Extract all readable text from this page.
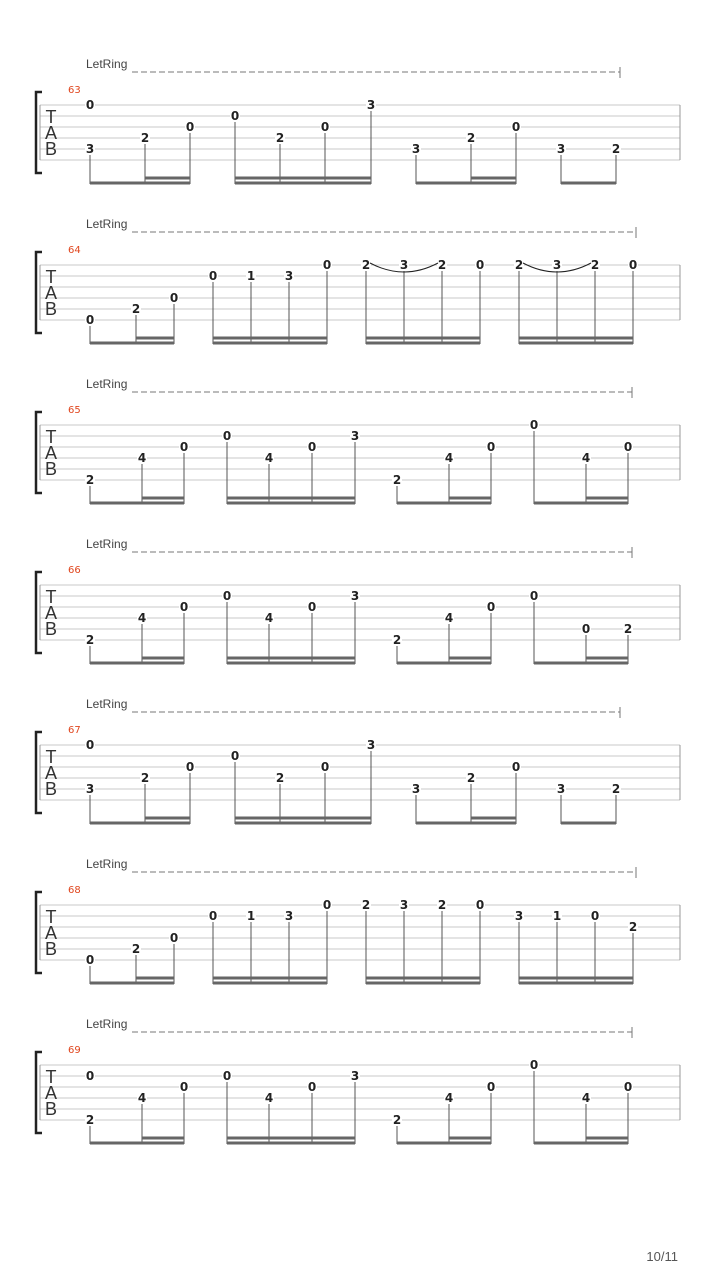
LetRing
63
T
A
B
0
3
2
0
0
2
0
3
3
2
0
3	2
LetRing
64
T
A
B
0
2
0
0 1 3
0	2 3 2 0	2 3 2 0
LetRing
65
T
A
B
2
4
0
0
4
0
3
2
4
0
0
4
0
LetRing
66
T
A
B
2
4
0
0
4
0
3
2
4
0
0
0	2
LetRing
67
T
A
B
0
3
2
0
0
2
0
3
3
2
0
3	2
LetRing
68
T
A
B
0
2
0
0 1 3
0	2 3 2 0
3 1 0
2
LetRing
69
T
A
B
0
2
4
0
0
4
0
3
2
4
0
0
4
0
10/11
